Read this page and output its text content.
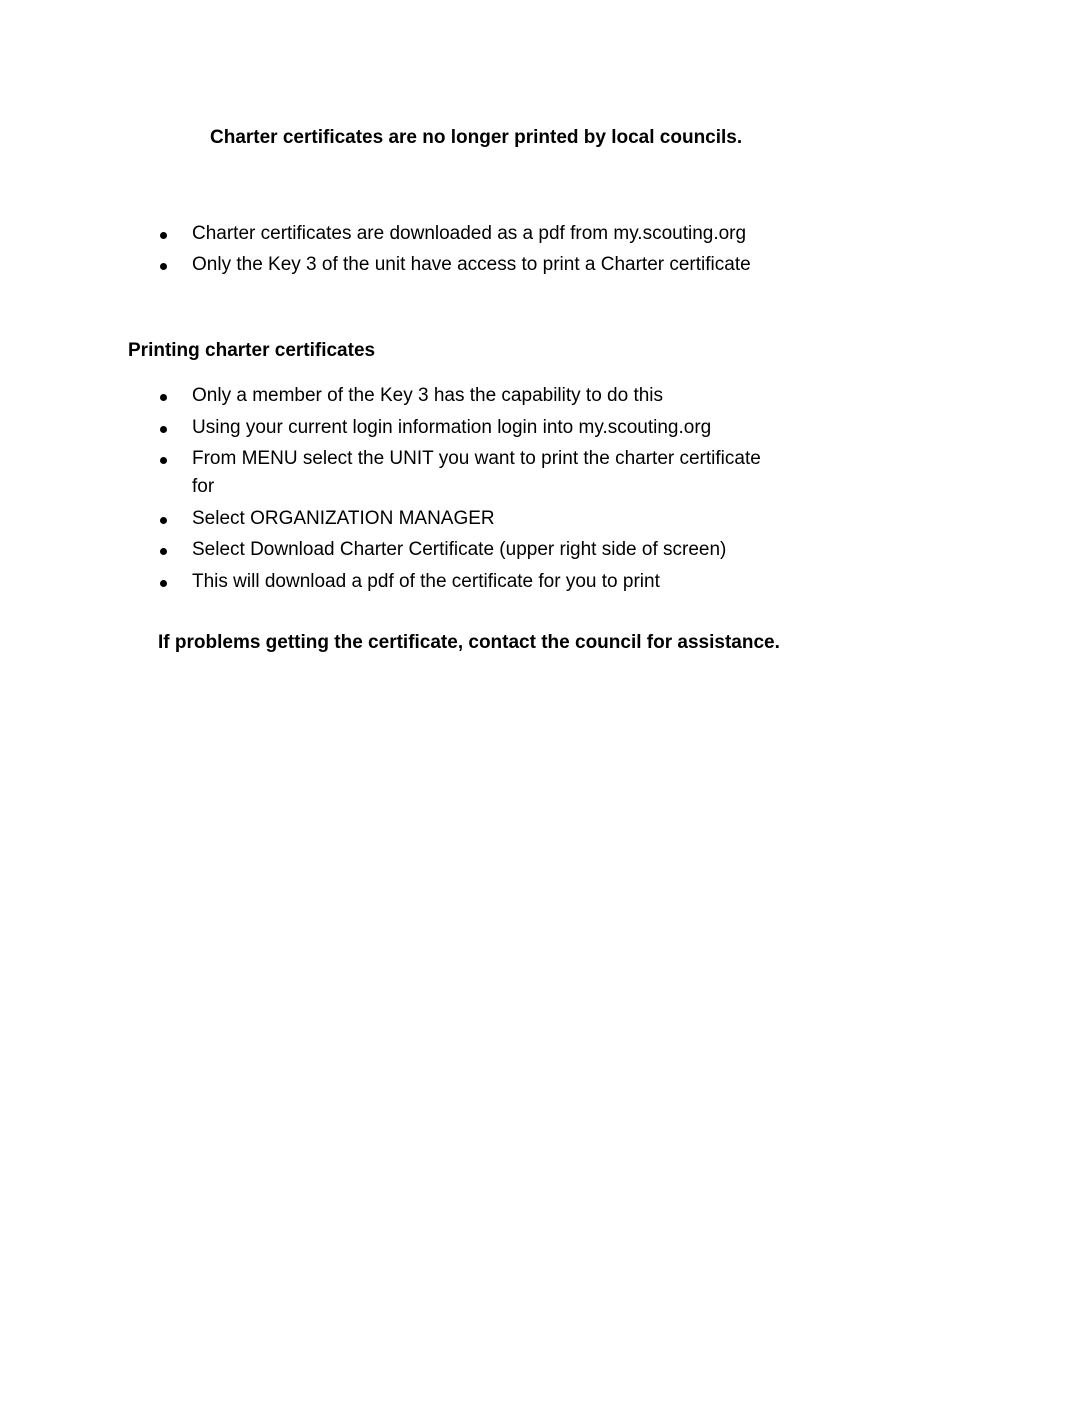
Charter certificates are no longer printed by local councils.
Charter certificates are downloaded as a pdf from my.scouting.org
Only the Key 3 of the unit have access to print a Charter certificate
Printing charter certificates
Only a member of the Key 3 has the capability to do this
Using your current login information login into my.scouting.org
From MENU select the UNIT you want to print the charter certificate
for
Select ORGANIZATION MANAGER
Select Download Charter Certificate (upper right side of screen)
This will download a pdf of the certificate for you to print
If problems getting the certificate, contact the council for assistance.
